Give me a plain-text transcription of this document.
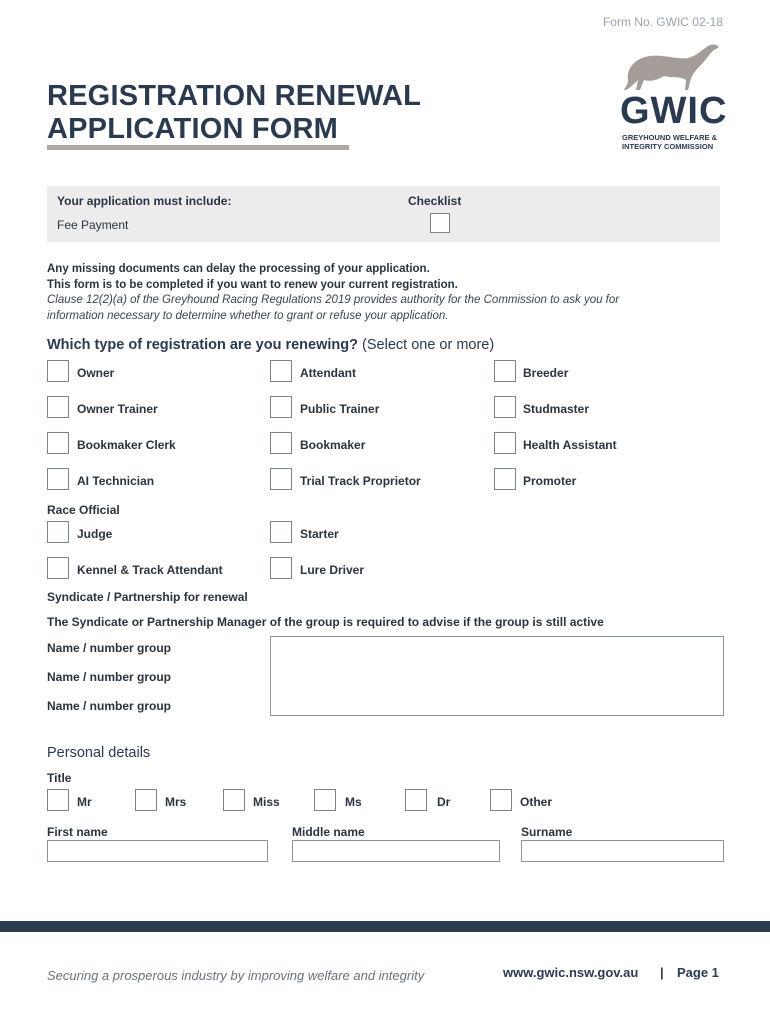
Form No. GWIC 02-18
REGISTRATION RENEWAL
APPLICATION FORM	GWIC
GREYHOUND WELFARE &
INTEGRITY COMMISSION
Your application must include:	Checklist
Fee Payment
Any missing documents can delay the processing of your application.
This form is to be completed if you want to renew your current registration.
Clause 12(2)(a) of the Greyhound Racing Regulations 2019 provides authority for the Commission to ask you for
information necessary to determine whether to grant or refuse your application.
Which type of registration are you renewing? (Select one or more)
Owner	Attendant	Breeder
Owner Trainer	Public Trainer	Studmaster
Bookmaker Clerk	Bookmaker	Health Assistant
AI Technician	Trial Track Proprietor	Promoter
Race Official
Judge	Starter
Kennel & Track Attendant	Lure Driver
Syndicate / Partnership for renewal
The Syndicate or Partnership Manager of the group is required to advise if the group is still active
Name / number group
Name / number group
Name / number group
Personal details
Title
Mr	Mrs	Miss	Ms	Dr	Other
First name	Middle name	Surname
Securing a prosperous industry by improving welfare and integrity	www.gwic.nsw.gov.au | Page 1
